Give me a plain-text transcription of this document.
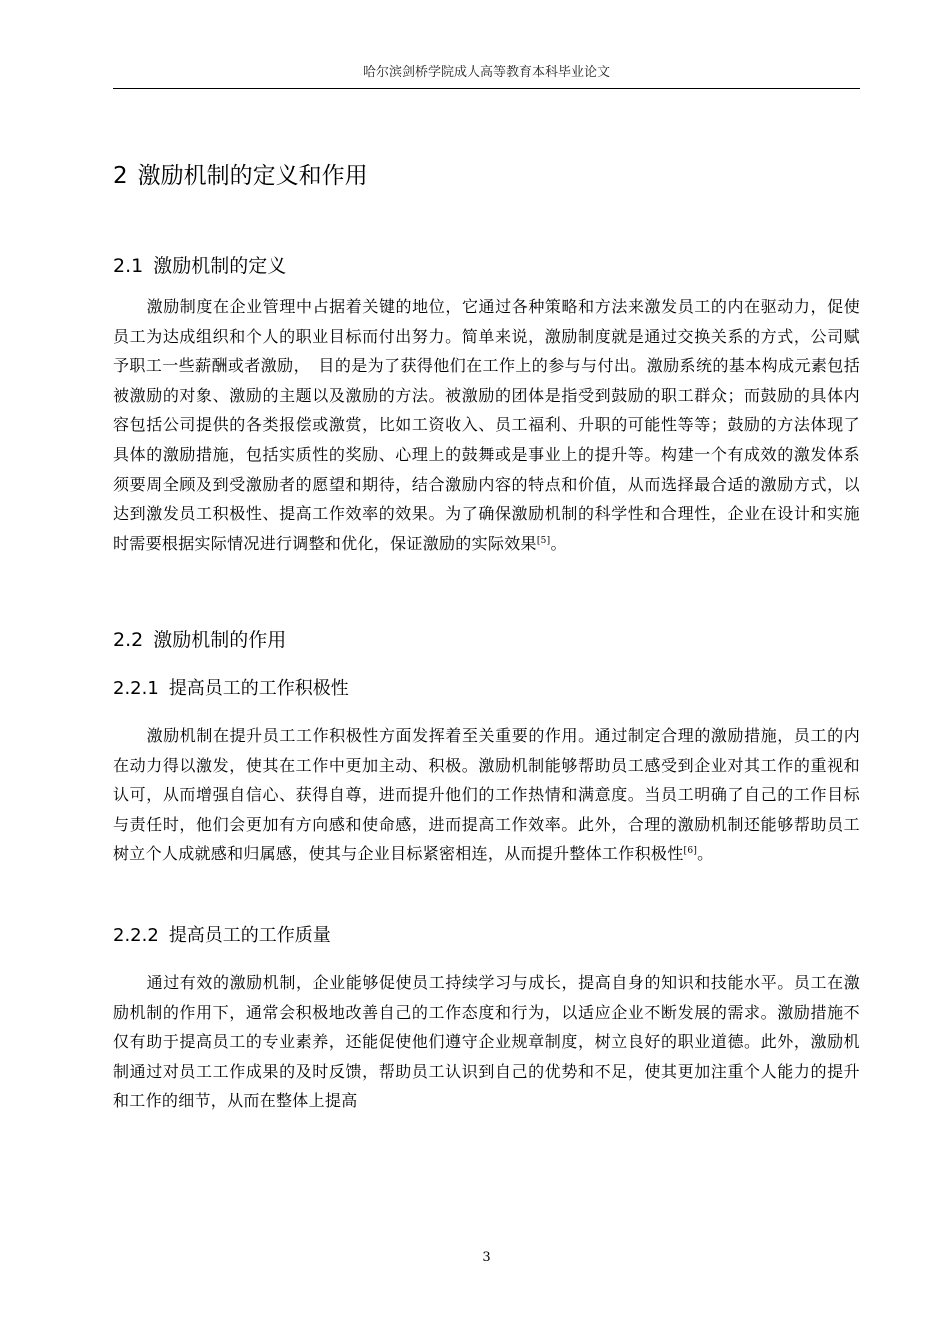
哈尔滨剑桥学院成人高等教育本科毕业论文
2 激励机制的定义和作用
2.1 激励机制的定义

激励制度在企业管理中占据着关键的地位，它通过各种策略和方法来激发员工的内在驱动力，促使员工为达成组织和个人的职业目标而付出努力。简单来说，激励制度就是通过交换关系的方式，公司赋予职工一些薪酬或者激励，　目的是为了获得他们在工作上的参与与付出。激励系统的基本构成元素包括被激励的对象、激励的主题以及激励的方法。被激励的团体是指受到鼓励的职工群众；而鼓励的具体内容包括公司提供的各类报偿或激赏，比如工资收入、员工福利、升职的可能性等等；鼓励的方法体现了具体的激励措施，包括实质性的奖励、心理上的鼓舞或是事业上的提升等。构建一个有成效的激发体系须要周全顾及到受激励者的愿望和期待，结合激励内容的特点和价值，从而选择最合适的激励方式，以达到激发员工积极性、提高工作效率的效果。为了确保激励机制的科学性和合理性，企业在设计和实施时需要根据实际情况进行调整和优化，保证激励的实际效果[5]。

2.2 激励机制的作用
2.2.1 提高员工的工作积极性

激励机制在提升员工工作积极性方面发挥着至关重要的作用。通过制定合理的激励措施，员工的内在动力得以激发，使其在工作中更加主动、积极。激励机制能够帮助员工感受到企业对其工作的重视和认可，从而增强自信心、获得自尊，进而提升他们的工作热情和满意度。当员工明确了自己的工作目标与责任时，他们会更加有方向感和使命感，进而提高工作效率。此外，合理的激励机制还能够帮助员工树立个人成就感和归属感，使其与企业目标紧密相连，从而提升整体工作积极性[6]。

2.2.2 提高员工的工作质量

通过有效的激励机制，企业能够促使员工持续学习与成长，提高自身的知识和技能水平。员工在激励机制的作用下，通常会积极地改善自己的工作态度和行为，以适应企业不断发展的需求。激励措施不仅有助于提高员工的专业素养，还能促使他们遵守企业规章制度，树立良好的职业道德。此外，激励机制通过对员工工作成果的及时反馈，帮助员工认识到自己的优势和不足，使其更加注重个人能力的提升和工作的细节，从而在整体上提高

3
